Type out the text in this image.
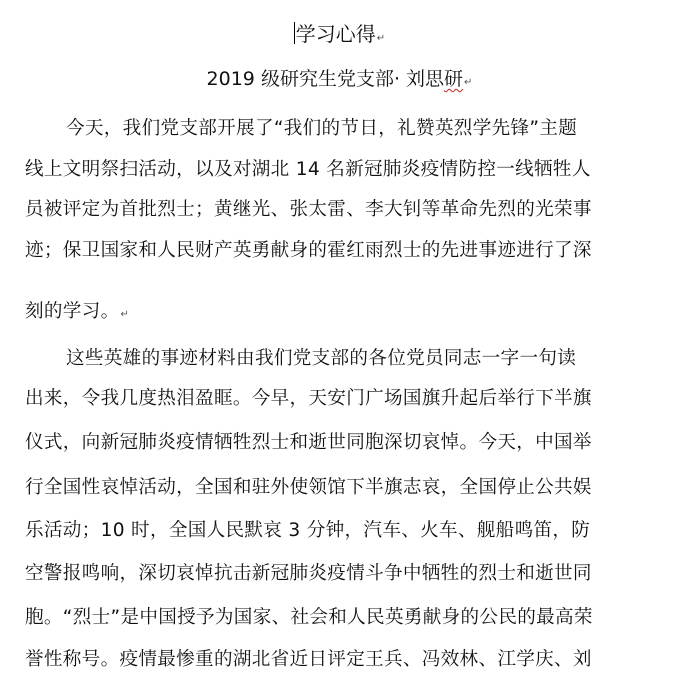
学习心得↵
2019 级研究生党支部· 刘思研↵
今天，我们党支部开展了“我们的节日，礼赞英烈学先锋”主题
线上文明祭扫活动，以及对湖北 14 名新冠肺炎疫情防控一线牺牲人
员被评定为首批烈士；黄继光、张太雷、李大钊等革命先烈的光荣事
迹；保卫国家和人民财产英勇献身的霍红雨烈士的先进事迹进行了深
刻的学习。↵
这些英雄的事迹材料由我们党支部的各位党员同志一字一句读
出来，令我几度热泪盈眶。今早，天安门广场国旗升起后举行下半旗
仪式，向新冠肺炎疫情牺牲烈士和逝世同胞深切哀悼。今天，中国举
行全国性哀悼活动，全国和驻外使领馆下半旗志哀，全国停止公共娱
乐活动；10 时，全国人民默哀 3 分钟，汽车、火车、舰船鸣笛，防
空警报鸣响，深切哀悼抗击新冠肺炎疫情斗争中牺牲的烈士和逝世同
胞。“烈士”是中国授予为国家、社会和人民英勇献身的公民的最高荣
誉性称号。疫情最惨重的湖北省近日评定王兵、冯效林、江学庆、刘
